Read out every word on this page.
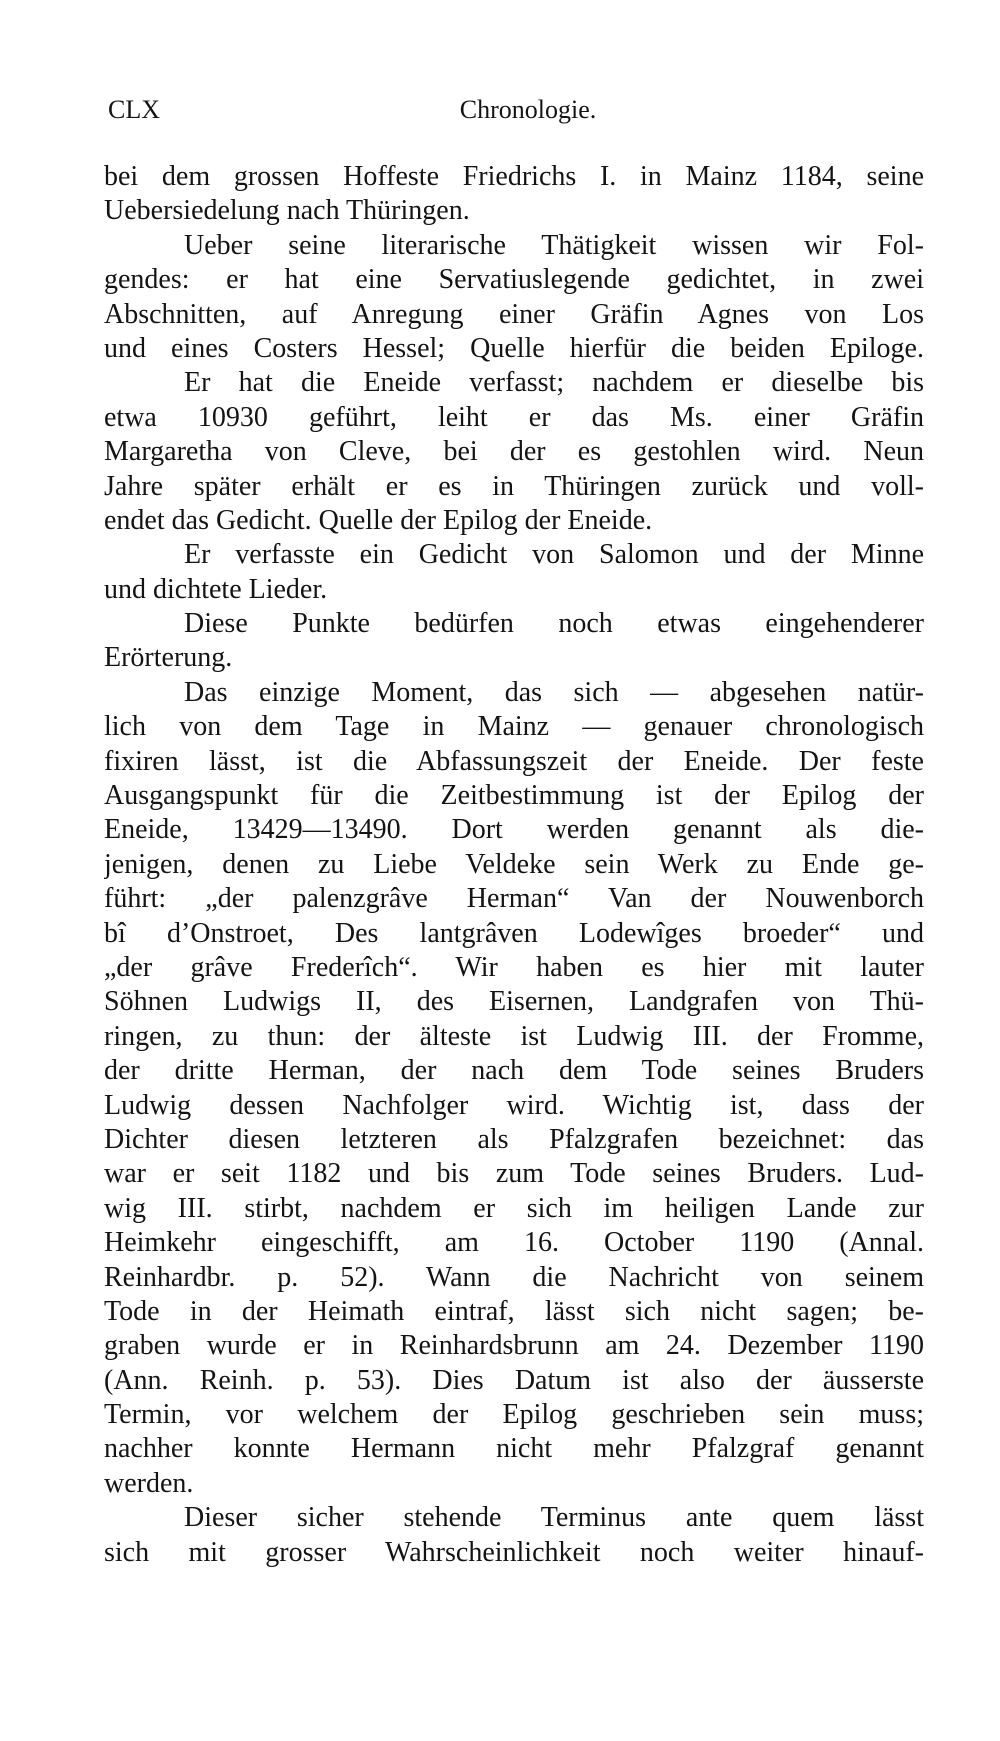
CLX	Chronologie.
bei dem grossen Hoffeste Friedrichs I. in Mainz 1184, seine
Uebersiedelung nach Thüringen.
Ueber seine literarische Thätigkeit wissen wir Fol-
gendes: er hat eine Servatiuslegende gedichtet, in zwei
Abschnitten, auf Anregung einer Gräfin Agnes von Los
und eines Costers Hessel; Quelle hierfür die beiden Epiloge.
Er hat die Eneide verfasst; nachdem er dieselbe bis
etwa 10930 geführt, leiht er das Ms. einer Gräfin
Margaretha von Cleve, bei der es gestohlen wird. Neun
Jahre später erhält er es in Thüringen zurück und voll-
endet das Gedicht. Quelle der Epilog der Eneide.
Er verfasste ein Gedicht von Salomon und der Minne
und dichtete Lieder.
Diese Punkte bedürfen noch etwas eingehenderer
Erörterung.
Das einzige Moment, das sich — abgesehen natür-
lich von dem Tage in Mainz — genauer chronologisch
fixiren lässt, ist die Abfassungszeit der Eneide. Der feste
Ausgangspunkt für die Zeitbestimmung ist der Epilog der
Eneide, 13429—13490. Dort werden genannt als die-
jenigen, denen zu Liebe Veldeke sein Werk zu Ende ge-
führt: „der palenzgrâve Herman“ Van der Nouwenborch
bî d’Onstroet, Des lantgrâven Lodewîges broeder“ und
„der grâve Frederîch“. Wir haben es hier mit lauter
Söhnen Ludwigs II, des Eisernen, Landgrafen von Thü-
ringen, zu thun: der älteste ist Ludwig III. der Fromme,
der dritte Herman, der nach dem Tode seines Bruders
Ludwig dessen Nachfolger wird. Wichtig ist, dass der
Dichter diesen letzteren als Pfalzgrafen bezeichnet: das
war er seit 1182 und bis zum Tode seines Bruders. Lud-
wig III. stirbt, nachdem er sich im heiligen Lande zur
Heimkehr eingeschifft, am 16. October 1190 (Annal.
Reinhardbr. p. 52). Wann die Nachricht von seinem
Tode in der Heimath eintraf, lässt sich nicht sagen; be-
graben wurde er in Reinhardsbrunn am 24. Dezember 1190
(Ann. Reinh. p. 53). Dies Datum ist also der äusserste
Termin, vor welchem der Epilog geschrieben sein muss;
nachher konnte Hermann nicht mehr Pfalzgraf genannt
werden.
Dieser sicher stehende Terminus ante quem lässt
sich mit grosser Wahrscheinlichkeit noch weiter hinauf-
